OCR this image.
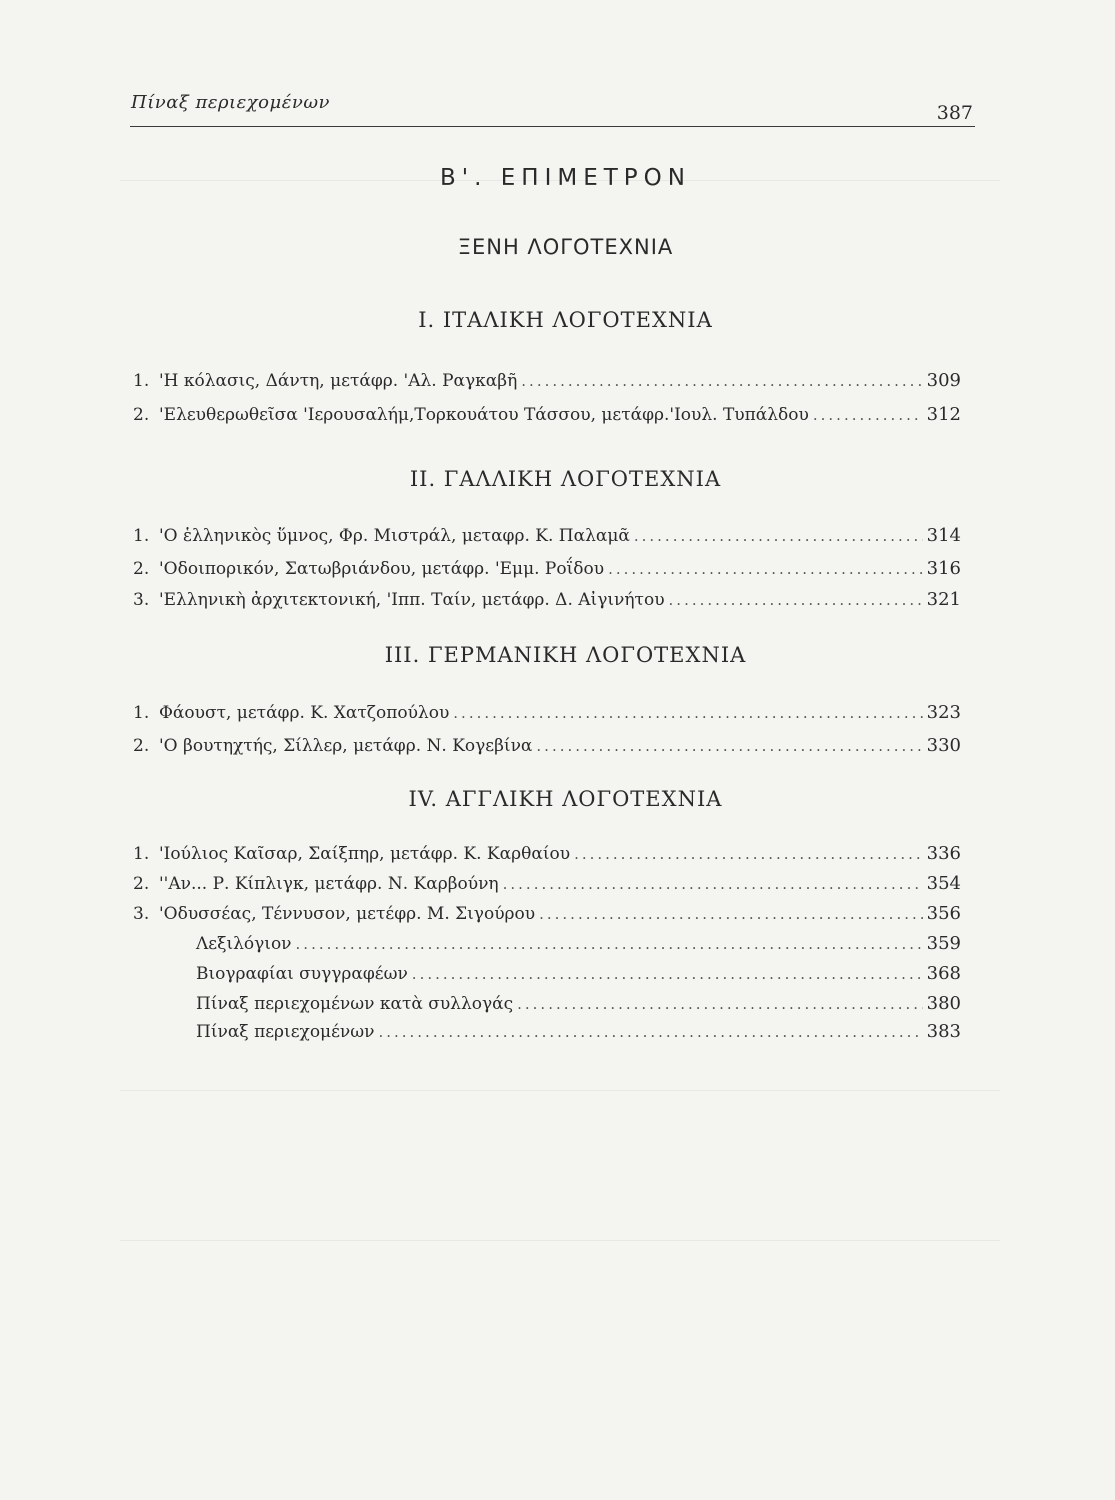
Πίναξ περιεχομένων	387
Β'. ΕΠΙΜΕΤΡΟΝ
ΞΕΝΗ ΛΟΓΟΤΕΧΝΙΑ
Ι. ΙΤΑΛΙΚΗ ΛΟΓΟΤΕΧΝΙΑ
1. 'Η κόλασις, Δάντη, μετάφρ. 'Αλ. Ραγκαβῆ .....	309
2. 'Ελευθερωθεῖσα 'Ιερουσαλήμ,Τορκουάτου Τάσσου, μετάφρ.'Ιουλ. Τυπάλδου .....	312
ΙΙ. ΓΑΛΛΙΚΗ ΛΟΓΟΤΕΧΝΙΑ
1. 'Ο ἑλληνικὸς ὕμνος, Φρ. Μιστράλ, μεταφρ. Κ. Παλαμᾶ .....	314
2. 'Οδοιπορικόν, Σατωβριάνδου, μετάφρ. 'Εμμ. Ροΐδου .....	316
3. 'Ελληνικὴ ἀρχιτεκτονική, 'Ιππ. Ταίν, μετάφρ. Δ. Αἰγινήτου .....	321
ΙΙΙ. ΓΕΡΜΑΝΙΚΗ ΛΟΓΟΤΕΧΝΙΑ
1. Φάουστ, μετάφρ. Κ. Χατζοπούλου .....	323
2. 'Ο βουτηχτής, Σίλλερ, μετάφρ. Ν. Κογεβίνα .....	330
ΙV. ΑΓΓΛΙΚΗ ΛΟΓΟΤΕΧΝΙΑ
1. 'Ιούλιος Καῖσαρ, Σαίξπηρ, μετάφρ. Κ. Καρθαίου .....	336
2. ''Αν... Ρ. Κίπλιγκ, μετάφρ. Ν. Καρβούνη .....	354
3. 'Οδυσσέας, Τέννυσον, μετέφρ. Μ. Σιγούρου .....	356
Λεξιλόγιον .....	359
Βιογραφίαι συγγραφέων .....	368
Πίναξ περιεχομένων κατὰ συλλογάς .....	380
Πίναξ περιεχομένων .....	383
